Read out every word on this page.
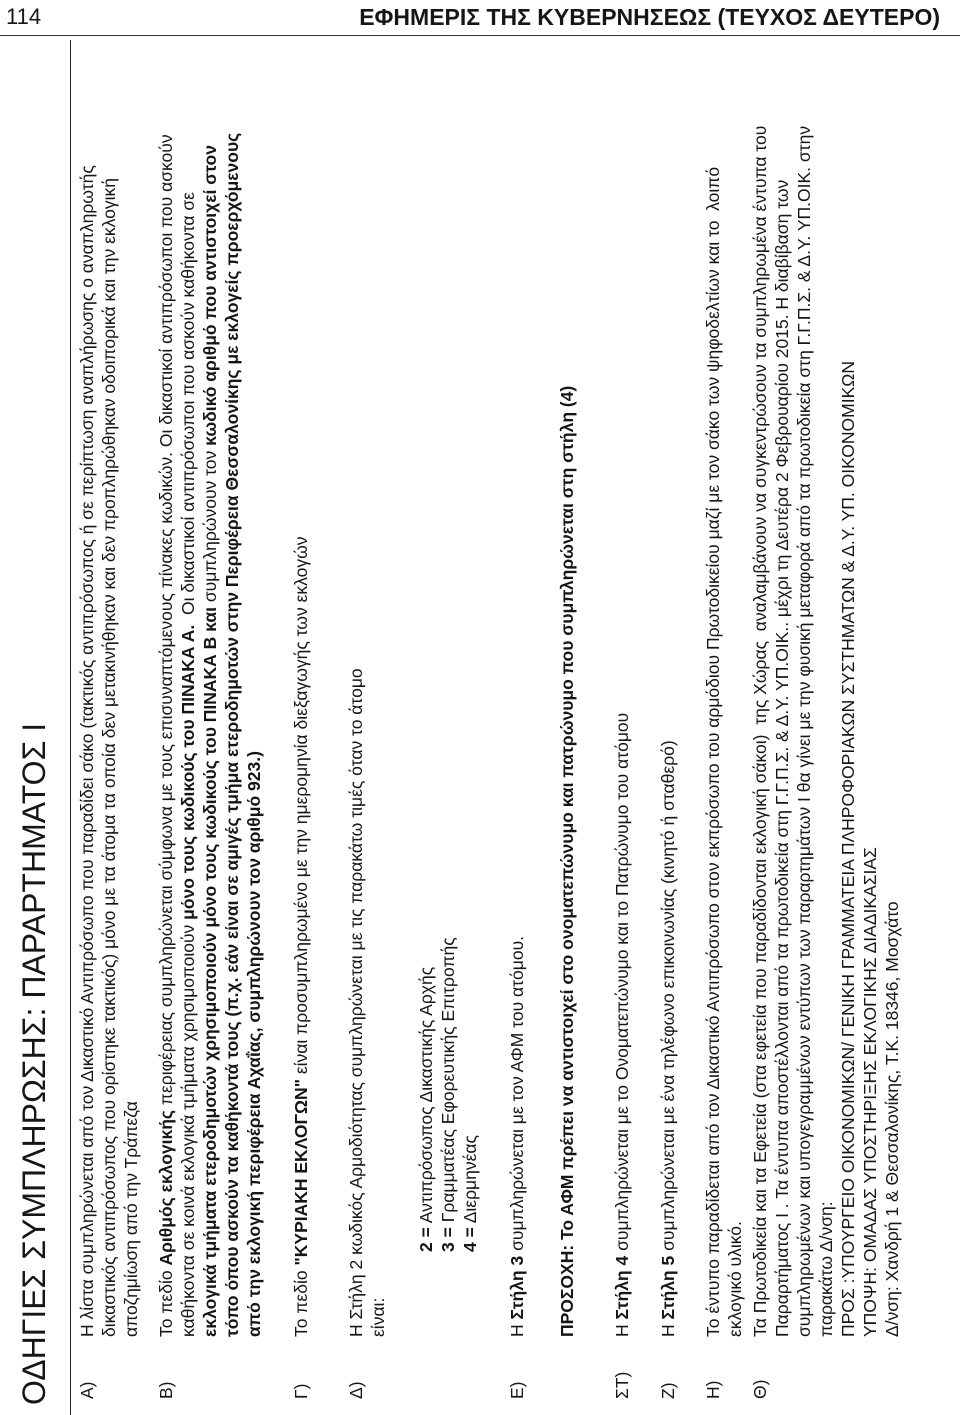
114	ΕΦΗΜΕΡΙΣ ΤΗΣ ΚΥΒΕΡΝΗΣΕΩΣ (ΤΕΥΧΟΣ ΔΕΥΤΕΡΟ)
ΟΔΗΓΙΕΣ ΣΥΜΠΛΗΡΩΣΗΣ: ΠΑΡΑΡΤΗΜΑΤΟΣ Ι Α)
Η λίστα συμπληρώνεται από τον Δικαστικό Αντιπρόσωπο που παραδίδει σάκο (τακτικός αντιπρόσωπος ή σε περίπτωση αναπλήρωσης ο αναπληρωτής δικαστικός αντιπρόσωπος που ορίστηκε τακτικός) μόνο με τα άτομα τα οποία δεν μετακινήθηκαν και δεν προπληρώθηκαν οδοιπορικά και την εκλογική αποζημίωση από την Τράπεζα
Β)
Το πεδίο Αριθμός εκλογικής περιφέρειας συμπληρώνεται σύμφωνα με τους επισυναπτόμενους πίνακες κωδικών. Οι δικαστικοί αντιπρόσωποι που ασκούν
καθήκοντα σε κοινά εκλογικά τμήματα χρησιμοποιούν μόνο τους κωδικούς του ΠΙΝΑΚΑ Α.  Οι δικαστικοί αντιπρόσωποι που ασκούν καθήκοντα σε
εκλογικά τμήματα ετεροδημοτών χρησιμοποιούν μόνο τους κωδικούς του ΠΙΝΑΚΑ Β και συμπληρώνουν τον κωδικό αριθμό που αντιστοιχεί στον τόπο όπου ασκούν τα καθήκοντά τους (π.χ. εάν είναι σε αμιγές τμήμα ετεροδημοτών στην Περιφέρεια Θεσσαλονίκης με εκλογείς προερχόμενους από την εκλογική περιφέρεια Αχαΐας, συμπληρώνουν τον αριθμό 923.)
Γ)
Το πεδίο "ΚΥΡΙΑΚΗ ΕΚΛΟΓΩΝ" είναι προσυμπληρωμένο με την ημερομηνία διεξαγωγής των εκλογών
Δ)
Η Στήλη 2 κωδικός Αρμοδιότητας συμπληρώνεται με τις παρακάτω τιμές όταν το άτομο είναι:
2 = Αντιπρόσωπος Δικαστικής Αρχής
3 = Γραμματέας Εφορευτικής Επιτροπής
4 = Διερμηνέας
Ε)
Η Στήλη 3 συμπληρώνεται με τον ΑΦΜ του ατόμου. ΠΡΟΣΟΧΗ: Το ΑΦΜ πρέπει να αντιστοιχεί στο ονοματεπώνυμο και πατρώνυμο που συμπληρώνεται στη στήλη (4)
ΣΤ)
Η Στήλη 4 συμπληρώνεται με το Ονοματεπώνυμο και το Πατρώνυμο του ατόμου
Ζ)
Η Στήλη 5 συμπληρώνεται με ένα τηλέφωνο επικοινωνίας (κινητό ή σταθερό)
Η)
Το έντυπο παραδίδεται από τον Δικαστικό Αντιπρόσωπο στον εκπρόσωπο του αρμόδιου Πρωτοδικείου μαζί με τον σάκο των ψηφοδελτίων και το  λοιπό εκλογικό υλικό.
Θ)
Τα Πρωτοδικεία και τα Εφετεία (στα εφετεία που παραδίδονται εκλογική σάκοι)  της Χώρας  αναλαμβάνουν να συγκεντρώσουν τα συμπληρωμένα έντυπα του Παραρτήματος Ι . Τα έντυπα αποστέλλονται από τα πρωτοδικεία στη Γ.Γ.Π.Σ. & Δ.Υ. ΥΠ.ΟΙΚ.. μέχρι τη Δευτέρα 2 Φεβρουαρίου 2015. Η διαβίβαση των συμπληρωμένων και υπογεγραμμένων εντύπων των παραρτημάτων Ι θα γίνει με την φυσική μεταφορά από τα πρωτοδικεία στη Γ.Γ.Π.Σ. & Δ.Υ. ΥΠ.ΟΙΚ. στην παρακάτω Δ/νση: ΠΡΟΣ :ΥΠΟΥΡΓΕΙΟ ΟΙΚΟΝΟΜΙΚΩΝ/ ΓΕΝΙΚΗ ΓΡΑΜΜΑΤΕΙΑ ΠΛΗΡΟΦΟΡΙΑΚΩΝ ΣΥΣΤΗΜΑΤΩΝ & Δ.Υ. ΥΠ. ΟΙΚΟΝΟΜΙΚΩΝ ΥΠΟΨΗ: ΟΜΑΔΑΣ ΥΠΟΣΤΗΡΙΞΗΣ ΕΚΛΟΓΙΚΗΣ ΔΙΑΔΙΚΑΣΙΑΣ Δ/νση: Χανδρή 1 & Θεσσαλονίκης, Τ.Κ. 18346, Μοσχάτο
